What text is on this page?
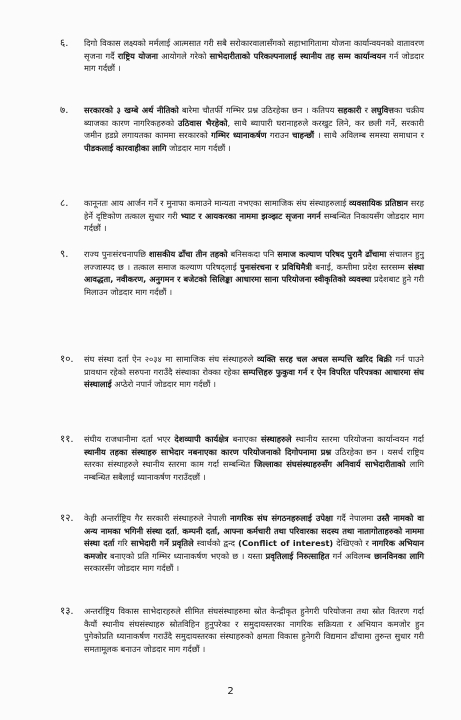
६.	दिगो विकास लक्ष्यको मर्मलाई आत्मसात गरी सबै सरोकारवालासँगको सहाभागितामा योजना कार्यान्वयनको वातावरण सृजना गर्दै राष्ट्रिय योजना आयोगले गरेको साभेदारीताको परिकल्पनालाई स्थानीय तह सम्म कार्यान्वयन गर्न जोडदार माग गर्दछौं ।
७.	सरकारको ३ खम्बे अर्थ नीतिको बारेमा चौतर्फी गम्भिर प्रश्न उठिरहेका छन । कतिपय सहकारी र लघुवित्तका चक्रीय ब्याजका कारण नागरिकहरुको उठिवास भैरहेको, साथै ब्यापारी घरानाहरुले करखुट लिने, कर छली गर्ने, सरकारी जमीन हडप्ने लगायतका काममा सरकारको गम्भिर ध्यानाकर्षण गराउन चाहन्छौं । साथै अविलम्ब समस्या समाधान र पीडकलाई कारवाहीका लागि जोडदार माग गर्दछौं ।
८.	कानूनतः आय आर्जन गर्ने र मुनाफा कमाउने मान्यता नभएका सामाजिक संघ संस्थाहरुलाई व्यवसायिक प्रतिष्ठान सरह हेर्ने दृष्टिकोण तत्काल सुधार गरी भ्याट र आयकरका नाममा झञ्झट सृजना नगर्न सम्बन्धित निकायसँग जोडदार माग गर्दछौं ।
९.	राज्य पुनःसंरचनापछि शासकीय ढाँचा तीन तहको बनिसकदा पनि समाज कल्याण परिषद पुरानै ढाँचामा संचालन हुनु लज्जास्पद छ । तत्काल समाज कल्याण परिषद्लाई पुनःसंरचना र प्रविधिमैत्री बनाई, कम्तीमा प्रदेश स्तरसम्म संस्था आवद्धता, नवीकरण, अनुगमन र बजेटको सिलिङ्का आधारमा साना परियोजना स्वीकृतिको व्यवस्था प्रदेशबाट हुने गरी मिलाउन जोडदार माग गर्दछौं ।
१०.	संघ संस्था दर्ता ऐन २०३४ मा सामाजिक संघ संस्थाहरुले व्यक्ति सरह चल अचल सम्पत्ति खरिद बिक्री गर्न पाउने प्रावधान रहेको सरुपना गराउँदै संस्थाका रोक्का रहेका सम्पत्तिहरु फुकुवा गर्न र ऐन विपरित परिपत्रका आधारमा संघ संस्थालाई अप्ठेरो नपार्न जोडदार माग गर्दछौं ।
११.	संघीय राजधानीमा दर्ता भएर देशव्यापी कार्यक्षेत्र बनाएका संस्थाहरुले स्थानीय स्तरमा परियोजना कार्यान्वयन गर्दा स्थानीय तहका संस्थाहरु साभेदार नबनाएका कारण परियोजनाको दिगोपनामा प्रश्न उठिरहेका छन । यसर्थ राष्ट्रिय स्तरका संस्थाहरुले स्थानीय स्तरमा काम गर्दा सम्बन्धित जिल्लाका संघसंस्थाहरुसँग अनिवार्य साभेदारीताको लागि नम्बन्धित सबैलाई ध्यानाकर्षण गराउँदछौं ।
१२.	केही अन्तर्राष्ट्रिय गैर सरकारी संस्थाहरुले नेपाली नागरिक संघ संगठनहरुलाई उपेक्षा गर्दै नेपालमा उस्तै नामको वा अन्य नामका भगिनी संस्था दर्ता, कम्पनी दर्ता, आफ्ना कर्मचारी तथा परिवारका सदस्य तथा नातागोताहरुको नाममा संस्था दर्ता गरि साभेदारी गर्ने प्रवृतिले स्वार्थको द्वन्द (Conflict of interest) देखिएको र नागरिक अभियान कमजोर बनाएको प्रति गम्भिर ध्यानाकर्षण भएको छ । यस्ता प्रवृतिलाई निरुत्साहित गर्न अविलम्ब छानविनका लागि सरकारसँग जोडदार माग गर्दछौं ।
१३.	अन्तर्राष्ट्रिय विकास साभेदारहरुले सीमित संघसंस्थाहरुमा स्रोत केन्द्रीकृत हुनेगरी परियोजना तथा स्रोत वितरण गर्दा कैयौं स्थानीय संघसंस्थाहरु स्रोतविहिन हुनुपरेका र समुदायस्तरका नागरिक सक्रियता र अभियान कमजोर हुन पुगेकोप्रति ध्यानाकर्षण गराउँदै समुदायस्तरका संस्थाहरुको क्षमता विकास हुनेगरी विद्यमान ढाँचामा तुरुन्त सुधार गरी समतामूलक बनाउन जोडदार माग गर्दछौं ।
2
